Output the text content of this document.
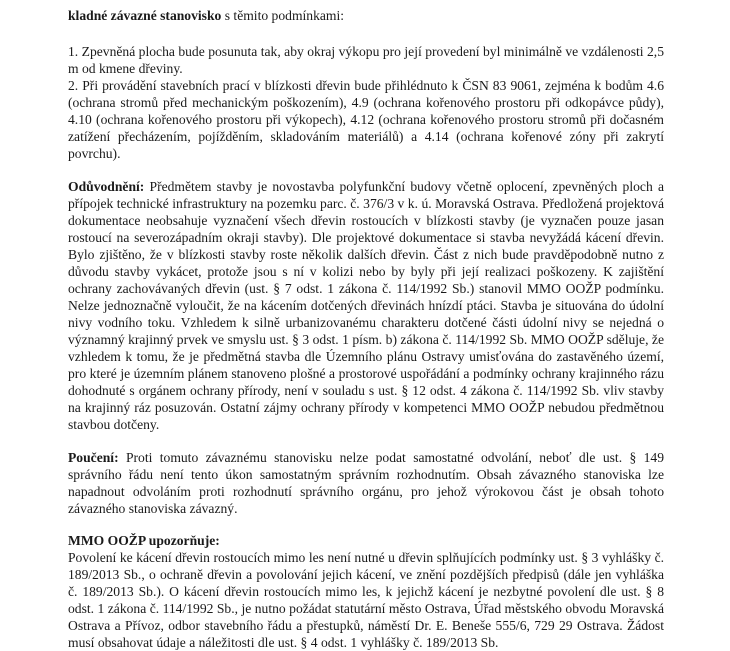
kladné závazné stanovisko s těmito podmínkami:
1. Zpevněná plocha bude posunuta tak, aby okraj výkopu pro její provedení byl minimálně ve vzdálenosti 2,5
m od kmene dřeviny.
2. Při provádění stavebních prací v blízkosti dřevin bude přihlédnuto k ČSN 83 9061, zejména k bodům 4.6
(ochrana stromů před mechanickým poškozením), 4.9 (ochrana kořenového prostoru při odkopávce půdy),
4.10 (ochrana kořenového prostoru při výkopech), 4.12 (ochrana kořenového prostoru stromů při dočasném
zatížení přecházením, pojížděním, skladováním materiálů) a 4.14 (ochrana kořenové zóny při zakrytí
povrchu).
Odůvodnění: Předmětem stavby je novostavba polyfunkční budovy včetně oplocení, zpevněných ploch a
přípojek technické infrastruktury na pozemku parc. č. 376/3 v k. ú. Moravská Ostrava. Předložená projektová
dokumentace neobsahuje vyznačení všech dřevin rostoucích v blízkosti stavby (je vyznačen pouze jasan
rostoucí na severozápadním okraji stavby). Dle projektové dokumentace si stavba nevyžádá kácení dřevin.
Bylo zjištěno, že v blízkosti stavby roste několik dalších dřevin. Část z nich bude pravděpodobně nutno z
důvodu stavby vykácet, protože jsou s ní v kolizi nebo by byly při její realizaci poškozeny. K zajištění
ochrany zachovávaných dřevin (ust. § 7 odst. 1 zákona č. 114/1992 Sb.) stanovil MMO OOŽP podmínku.
Nelze jednoznačně vyloučit, že na kácením dotčených dřevinách hnízdí ptáci. Stavba je situována do údolní
nivy vodního toku. Vzhledem k silně urbanizovanému charakteru dotčené části údolní nivy se nejedná o
významný krajinný prvek ve smyslu ust. § 3 odst. 1 písm. b) zákona č. 114/1992 Sb. MMO OOŽP sděluje, že
vzhledem k tomu, že je předmětná stavba dle Územního plánu Ostravy umisťována do zastavěného území,
pro které je územním plánem stanoveno plošné a prostorové uspořádání a podmínky ochrany krajinného rázu
dohodnuté s orgánem ochrany přírody, není v souladu s ust. § 12 odst. 4 zákona č. 114/1992 Sb. vliv stavby
na krajinný ráz posuzován. Ostatní zájmy ochrany přírody v kompetenci MMO OOŽP nebudou předmětnou
stavbou dotčeny.
Poučení: Proti tomuto závaznému stanovisku nelze podat samostatné odvolání, neboť dle ust. § 149
správního řádu není tento úkon samostatným správním rozhodnutím. Obsah závazného stanoviska lze
napadnout odvoláním proti rozhodnutí správního orgánu, pro jehož výrokovou část je obsah tohoto
závazného stanoviska závazný.
MMO OOŽP upozorňuje:
Povolení ke kácení dřevin rostoucích mimo les není nutné u dřevin splňujících podmínky ust. § 3 vyhlášky č.
189/2013 Sb., o ochraně dřevin a povolování jejich kácení, ve znění pozdějších předpisů (dále jen vyhláška
č. 189/2013 Sb.). O kácení dřevin rostoucích mimo les, k jejichž kácení je nezbytné povolení dle ust. § 8
odst. 1 zákona č. 114/1992 Sb., je nutno požádat statutární město Ostrava, Úřad městského obvodu Moravská
Ostrava a Přívoz, odbor stavebního řádu a přestupků, náměstí Dr. E. Beneše 555/6, 729 29 Ostrava. Žádost
musí obsahovat údaje a náležitosti dle ust. § 4 odst. 1 vyhlášky č. 189/2013 Sb.
